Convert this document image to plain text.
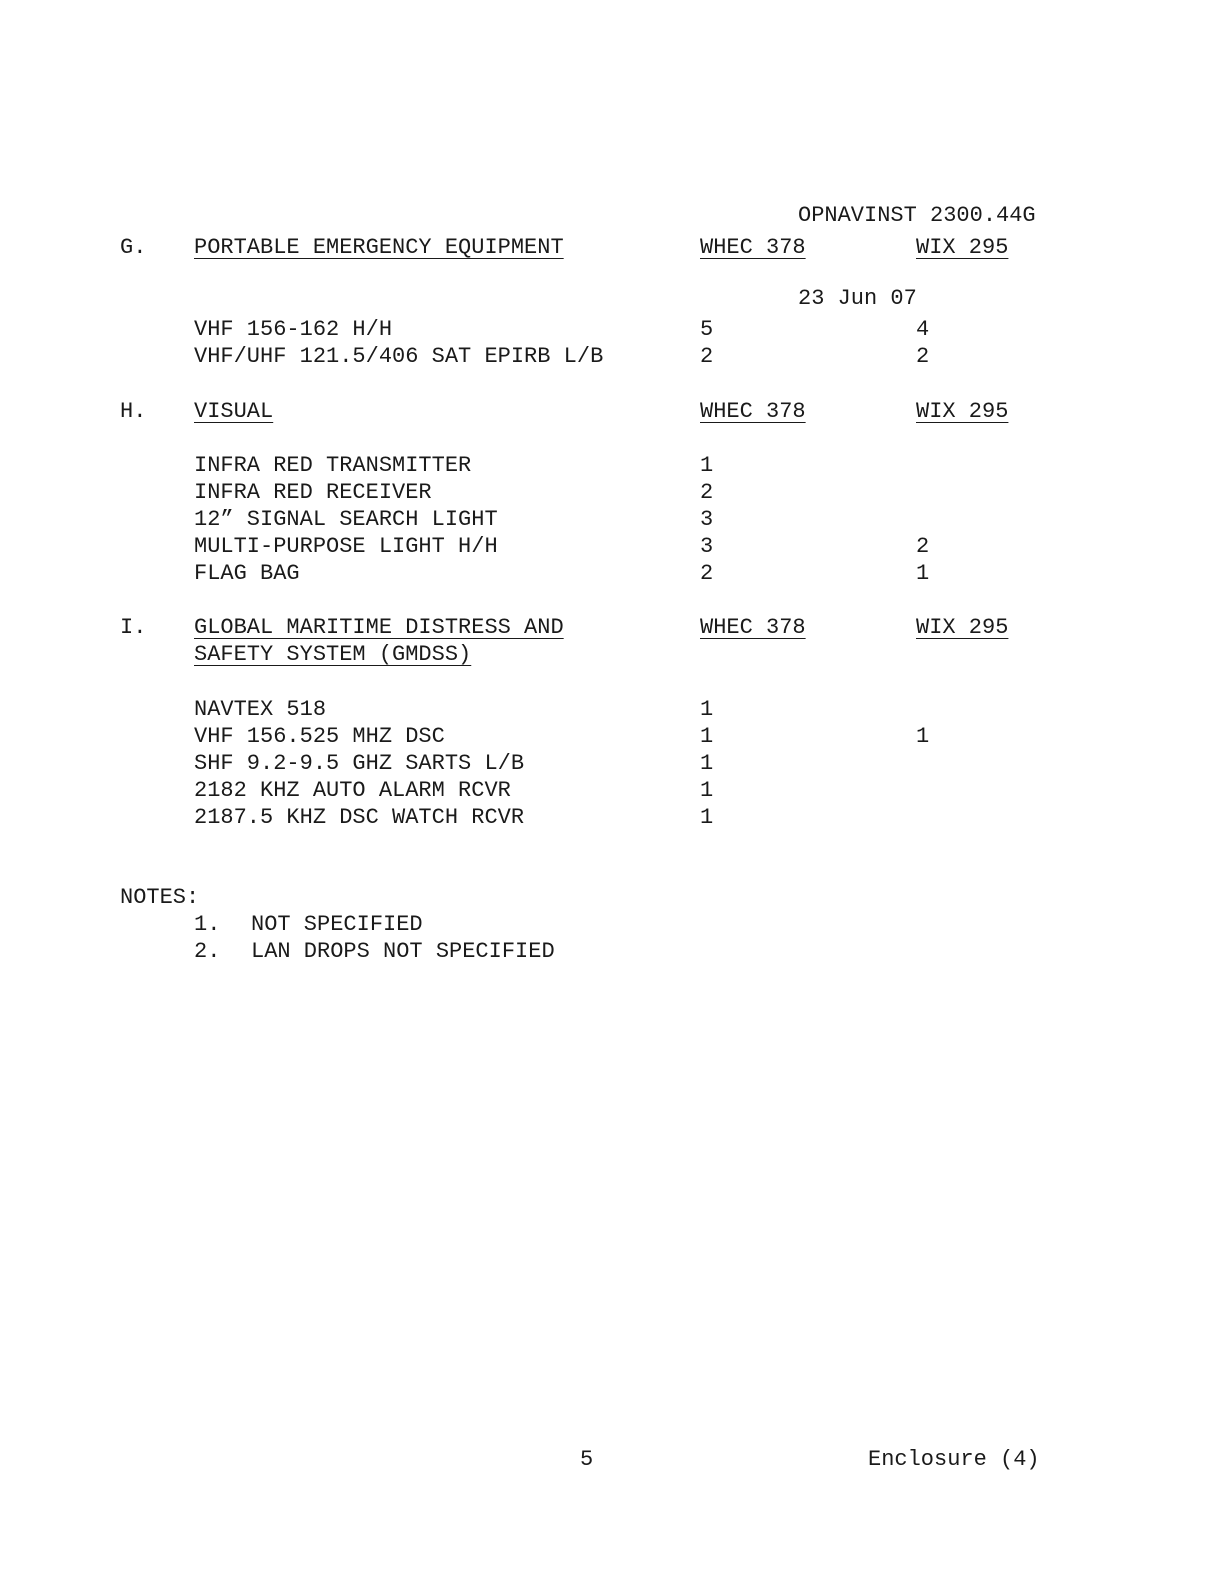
OPNAVINST 2300.44G

23 Jun 07

G. PORTABLE EMERGENCY EQUIPMENT	WHEC 378	WIX 295
VHF 156-162 H/H	5	4
VHF/UHF 121.5/406 SAT EPIRB L/B	2	2
H. VISUAL	WHEC 378	WIX 295
INFRA RED TRANSMITTER	1
INFRA RED RECEIVER	2
12” SIGNAL SEARCH LIGHT	3
MULTI-PURPOSE LIGHT H/H	3	2
FLAG BAG	2	1
I. GLOBAL MARITIME DISTRESS AND
SAFETY SYSTEM (GMDSS)
WHEC 378	WIX 295
NAVTEX 518	1
VHF 156.525 MHZ DSC	1	1
SHF 9.2-9.5 GHZ SARTS L/B	1
2182 KHZ AUTO ALARM RCVR	1
2187.5 KHZ DSC WATCH RCVR	1
NOTES:
1. NOT SPECIFIED
2. LAN DROPS NOT SPECIFIED
5	Enclosure (4)
